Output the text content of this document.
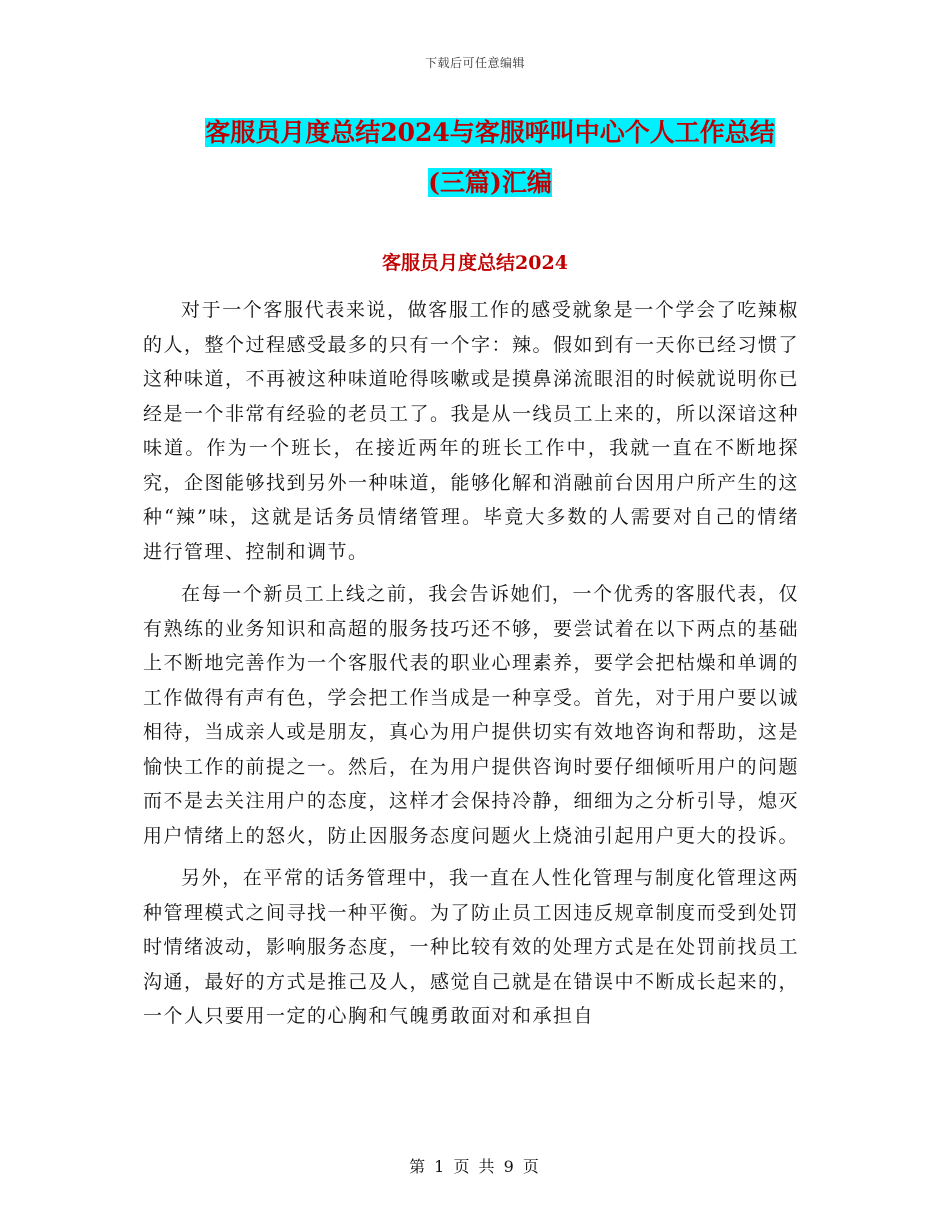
下载后可任意编辑
客服员月度总结2024与客服呼叫中心个人工作总结
(三篇)汇编
客服员月度总结2024

对于一个客服代表来说，做客服工作的感受就象是一个学会了吃辣椒的人，整个过程感受最多的只有一个字：辣。假如到有一天你已经习惯了这种味道，不再被这种味道呛得咳嗽或是摸鼻涕流眼泪的时候就说明你已经是一个非常有经验的老员工了。我是从一线员工上来的，所以深谙这种味道。作为一个班长，在接近两年的班长工作中，我就一直在不断地探究，企图能够找到另外一种味道，能够化解和消融前台因用户所产生的这种“辣”味，这就是话务员情绪管理。毕竟大多数的人需要对自己的情绪进行管理、控制和调节。

在每一个新员工上线之前，我会告诉她们，一个优秀的客服代表，仅有熟练的业务知识和高超的服务技巧还不够，要尝试着在以下两点的基础上不断地完善作为一个客服代表的职业心理素养，要学会把枯燥和单调的工作做得有声有色，学会把工作当成是一种享受。首先，对于用户要以诚相待，当成亲人或是朋友，真心为用户提供切实有效地咨询和帮助，这是愉快工作的前提之一。然后，在为用户提供咨询时要仔细倾听用户的问题而不是去关注用户的态度，这样才会保持冷静，细细为之分析引导，熄灭用户情绪上的怒火，防止因服务态度问题火上烧油引起用户更大的投诉。

另外，在平常的话务管理中，我一直在人性化管理与制度化管理这两种管理模式之间寻找一种平衡。为了防止员工因违反规章制度而受到处罚时情绪波动，影响服务态度，一种比较有效的处理方式是在处罚前找员工沟通，最好的方式是推己及人，感觉自己就是在错误中不断成长起来的，一个人只要用一定的心胸和气魄勇敢面对和承担自

第 1 页 共 9 页
